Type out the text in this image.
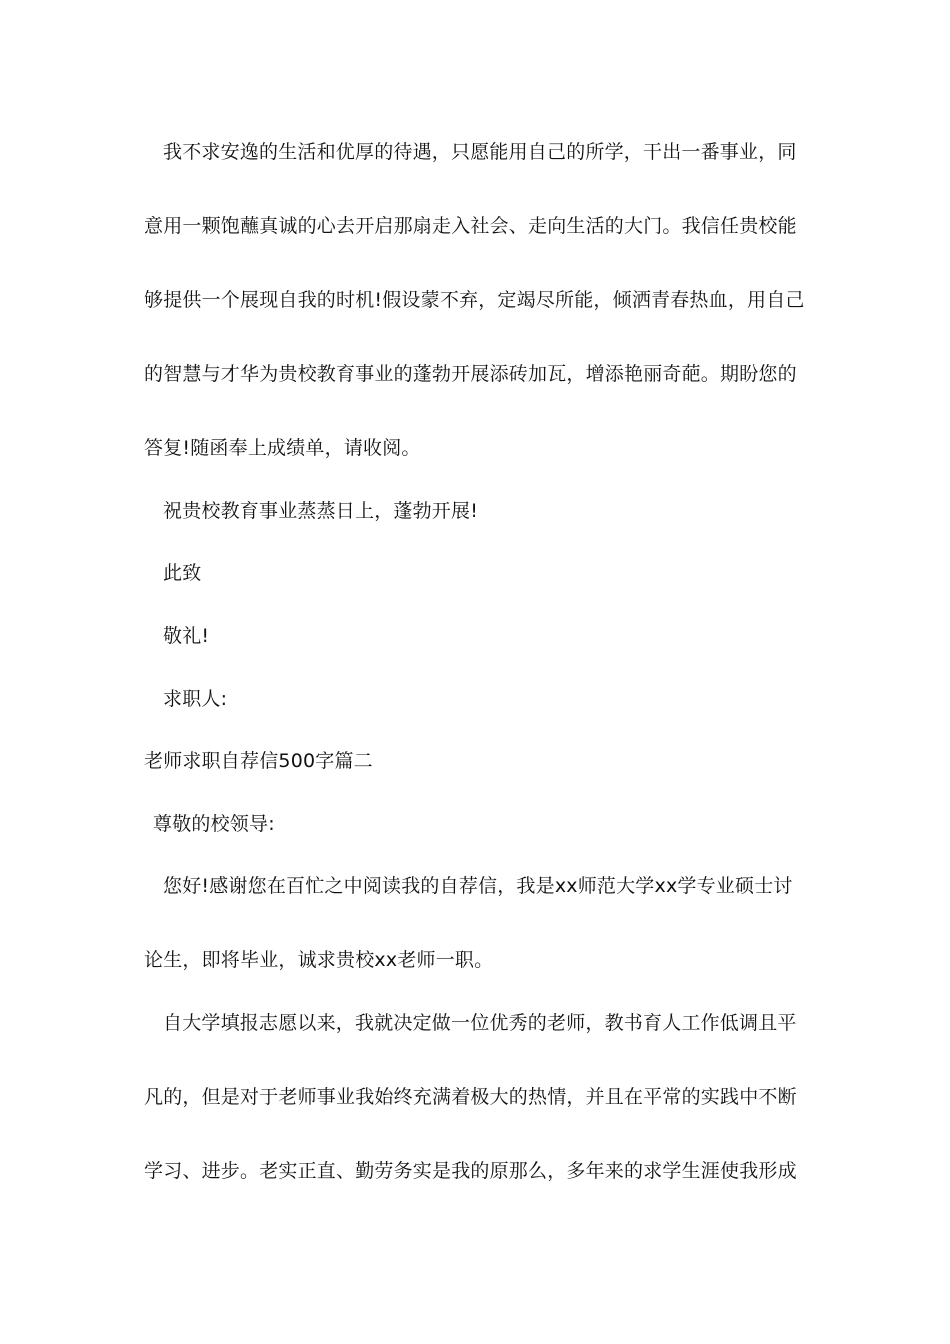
我不求安逸的生活和优厚的待遇，只愿能用自己的所学，干出一番事业，同
意用一颗饱蘸真诚的心去开启那扇走入社会、走向生活的大门。我信任贵校能
够提供一个展现自我的时机!假设蒙不弃，定竭尽所能，倾洒青春热血，用自己
的智慧与才华为贵校教育事业的蓬勃开展添砖加瓦，增添艳丽奇葩。期盼您的
答复!随函奉上成绩单，请收阅。
祝贵校教育事业蒸蒸日上，蓬勃开展!
此致
敬礼!
求职人:
老师求职自荐信500字篇二
尊敬的校领导:
您好!感谢您在百忙之中阅读我的自荐信，我是xx师范大学xx学专业硕士讨
论生，即将毕业，诚求贵校xx老师一职。
自大学填报志愿以来，我就决定做一位优秀的老师，教书育人工作低调且平
凡的，但是对于老师事业我始终充满着极大的热情，并且在平常的实践中不断
学习、进步。老实正直、勤劳务实是我的原那么，多年来的求学生涯使我形成
